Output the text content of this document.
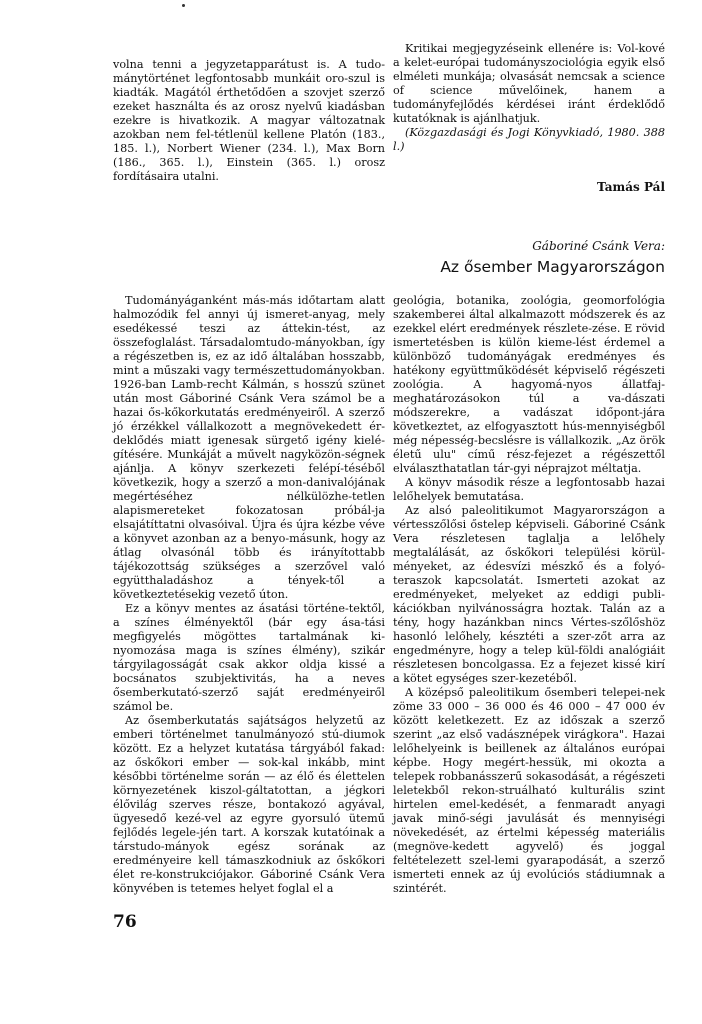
volna tenni a jegyzetapparátust is. A tudo-mánytörténet legfontosabb munkáit oro-szul is kiadták. Magától érthetődően a szovjet szerző ezeket használta és az orosz nyelvű kiadásban ezekre is hivatkozik. A magyar változatnak azokban nem fel-tétlenül kellene Platón (183., 185. l.), Norbert Wiener (234. l.), Max Born (186., 365. l.), Einstein (365. l.) orosz fordításaira utalni.

Kritikai megjegyzéseink ellenére is: Vol-kové a kelet-európai tudományszociológia egyik első elméleti munkája; olvasását nemcsak a science of science művelőinek, hanem a tudományfejlődés kérdései iránt érdeklődő kutatóknak is ajánlhatjuk.

(Közgazdasági és Jogi Könyvkiadó, 1980. 388 l.)

Tamás Pál
Gáboriné Csánk Vera:
Az ősember Magyarországon

Tudományáganként más-más időtartam alatt halmozódik fel annyi új ismeret-anyag, mely esedékessé teszi az áttekin-tést, az összefoglalást. Társadalomtudo-mányokban, így a régészetben is, ez az idő általában hosszabb, mint a műszaki vagy természettudományokban. 1926-ban Lamb-recht Kálmán, s hosszú szünet után most Gáboriné Csánk Vera számol be a hazai ős-kőkorkutatás eredményeiről. A szerző jó érzékkel vállalkozott a megnövekedett ér-deklődés miatt igenesak sürgető igény kielé-gítésére. Munkáját a művelt nagyközön-ségnek ajánlja. A könyv szerkezeti felépí-téséből következik, hogy a szerző a mon-danivalójának megértéséhez nélkülözhe-tetlen alapismereteket fokozatosan próbál-ja elsajátíttatni olvasóival. Újra és újra kézbe véve a könyvet azonban az a benyo-másunk, hogy az átlag olvasónál több és irányítottabb tájékozottság szükséges a szerzővel való együtthaladáshoz a tények-től a következtetésekig vezető úton.

Ez a könyv mentes az ásatási történe-tektől, a színes élményektől (bár egy ása-tási megfigyelés mögöttes tartalmának ki-nyomozása maga is színes élmény), szikár tárgyilagosságát csak akkor oldja kissé a bocsánatos szubjektivitás, ha a neves ősemberkutató-szerző saját eredményeiről számol be.

Az ősemberkutatás sajátságos helyzetű az emberi történelmet tanulmányozó stú-diumok között. Ez a helyzet kutatása tárgyából fakad: az őskőkori ember — sok-kal inkább, mint későbbi történelme során — az élő és élettelen környezetének kiszol-gáltatottan, a jégkori élővilág szerves része, bontakozó agyával, ügyesedő kezé-vel az egyre gyorsuló ütemű fejlődés legele-jén tart. A korszak kutatóinak a társtudo-mányok egész sorának az eredményeire kell támaszkodniuk az őskőkori élet re-konstrukciójakor. Gáboriné Csánk Vera könyvében is tetemes helyet foglal el a

geológia, botanika, zoológia, geomorfológia szakemberei által alkalmazott módszerek és az ezekkel elért eredmények részlete-zése. E rövid ismertetésben is külön kieme-lést érdemel a különböző tudományágak eredményes és hatékony együttműködését képviselő régészeti zoológia. A hagyomá-nyos állatfaj-meghatározásokon túl a va-dászati módszerekre, a vadászat időpont-jára következtet, az elfogyasztott hús-mennyiségből még népesség-becslésre is vállalkozik. „Az örök életű ulu" című rész-fejezet a régészettől elválaszthatatlan tár-gyi néprajzot méltatja.

A könyv második része a legfontosabb hazai lelőhelyek bemutatása.

Az alsó paleolitikumot Magyarországon a vértesszőlősi őstelep képviseli. Gáboriné Csánk Vera részletesen taglalja a lelőhely megtalálását, az őskőkori települési körül-ményeket, az édesvízi mészkő és a folyó-teraszok kapcsolatát. Ismerteti azokat az eredményeket, melyeket az eddigi publi-kációkban nyilvánosságra hoztak. Talán az a tény, hogy hazánkban nincs Vértes-szőlőshöz hasonló lelőhely, késztéti a szer-zőt arra az engedményre, hogy a telep kül-földi analógiáit részletesen boncolgassa. Ez a fejezet kissé kirí a kötet egységes szer-kezetéből.

A középső paleolitikum ősemberi telepei-nek zöme 33 000 – 36 000 és 46 000 – 47 000 év között keletkezett. Ez az időszak a szerző szerint „az első vadásznépek virágkora". Hazai lelőhelyeink is beillenek az általános európai képbe. Hogy megért-hessük, mi okozta a telepek robbanásszerű sokasodását, a régészeti leletekből rekon-struálható kulturális szint hirtelen emel-kedését, a fenmaradt anyagi javak minő-ségi javulását és mennyiségi növekedését, az értelmi képesség materiális (megnöve-kedett agyvelő) és joggal feltételezett szel-lemi gyarapodását, a szerző ismerteti ennek az új evolúciós stádiumnak a szintérét.

76
